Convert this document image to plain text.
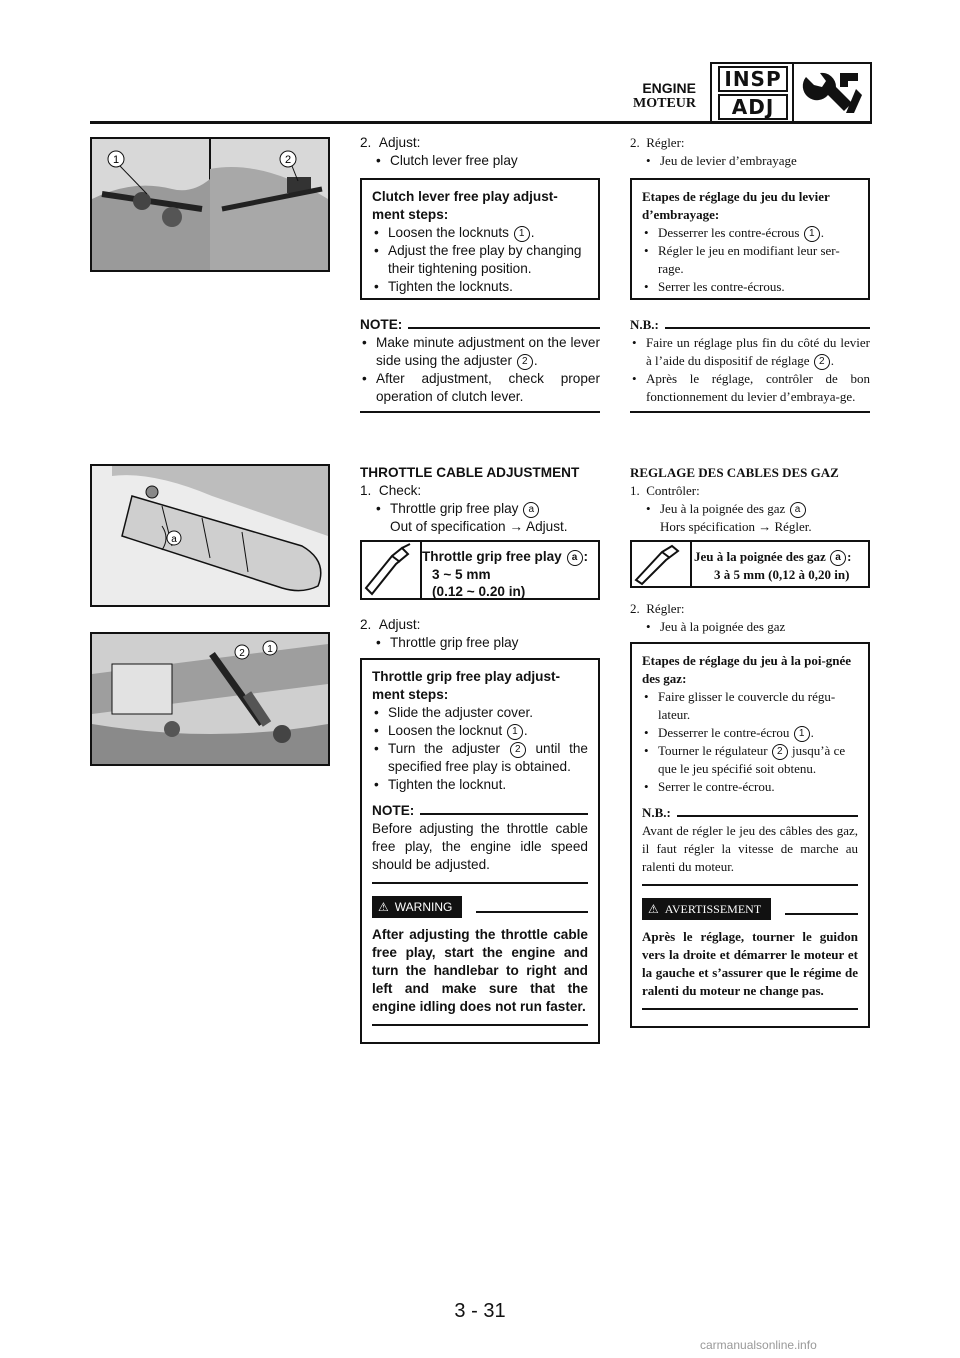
ENGINE
MOTEUR
INSP
ADJ
1	2
a
2 1
2.  Adjust:
• Clutch lever free play
Clutch lever free play adjust-ment steps:
• Loosen the locknuts 1 .
• Adjust the free play by changing their tightening position.
• Tighten the locknuts.
NOTE:
• Make minute adjustment on the lever side using the adjuster 2 .
• After adjustment, check proper operation of clutch lever.
THROTTLE CABLE ADJUSTMENT
1.  Check:
• Throttle grip free play a
Out of specification → Adjust.
Throttle grip free play a :
3 ~ 5 mm
(0.12 ~ 0.20 in)
2.  Adjust:
• Throttle grip free play
Throttle grip free play adjust-ment steps:
• Slide the adjuster cover.
• Loosen the locknut 1 .
• Turn the adjuster 2 until the specified free play is obtained.
• Tighten the locknut.
NOTE:
Before adjusting the throttle cable free play, the engine idle speed should be adjusted.
⚠ WARNING
After adjusting the throttle cable free play, start the engine and turn the handlebar to right and left and make sure that the engine idling does not run faster.
2.  Régler:
• Jeu de levier d’embrayage
Etapes de réglage du jeu du levier d’embrayage:
• Desserrer les contre-écrous 1 .
• Régler le jeu en modifiant leur ser-rage.
• Serrer les contre-écrous.
N.B.:
• Faire un réglage plus fin du côté du levier à l’aide du dispositif de réglage 2 .
• Après le réglage, contrôler de bon fonctionnement du levier d’embraya-ge.
REGLAGE DES CABLES DES GAZ
1.  Contrôler:
• Jeu à la poignée des gaz a
Hors spécification → Régler.
Jeu à la poignée des gaz a :
3 à 5 mm (0,12 à 0,20 in)
2.  Régler:
• Jeu à la poignée des gaz
Etapes de réglage du jeu à la poi-gnée des gaz:
• Faire glisser le couvercle du régu-lateur.
• Desserrer le contre-écrou 1 .
• Tourner le régulateur 2 jusqu’à ce que le jeu spécifié soit obtenu.
• Serrer le contre-écrou.
N.B.:
Avant de régler le jeu des câbles des gaz, il faut régler la vitesse de marche au ralenti du moteur.
⚠ AVERTISSEMENT
Après le réglage, tourner le guidon vers la droite et démarrer le moteur et la gauche et s’assurer que le régime de ralenti du moteur ne change pas.
3 - 31
carmanualsonline.info
